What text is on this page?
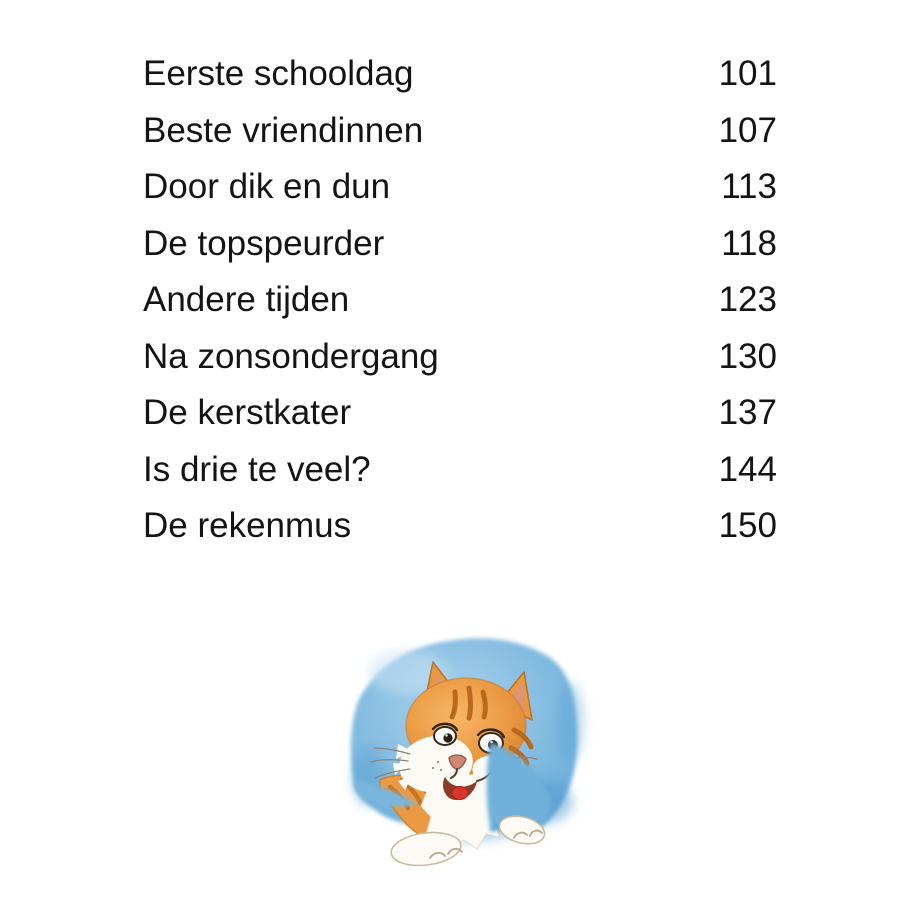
Eerste schooldag	101
Beste vriendinnen	107
Door dik en dun	113
De topspeurder	118
Andere tijden	123
Na zonsondergang	130
De kerstkater	137
Is drie te veel?	144
De rekenmus	150
